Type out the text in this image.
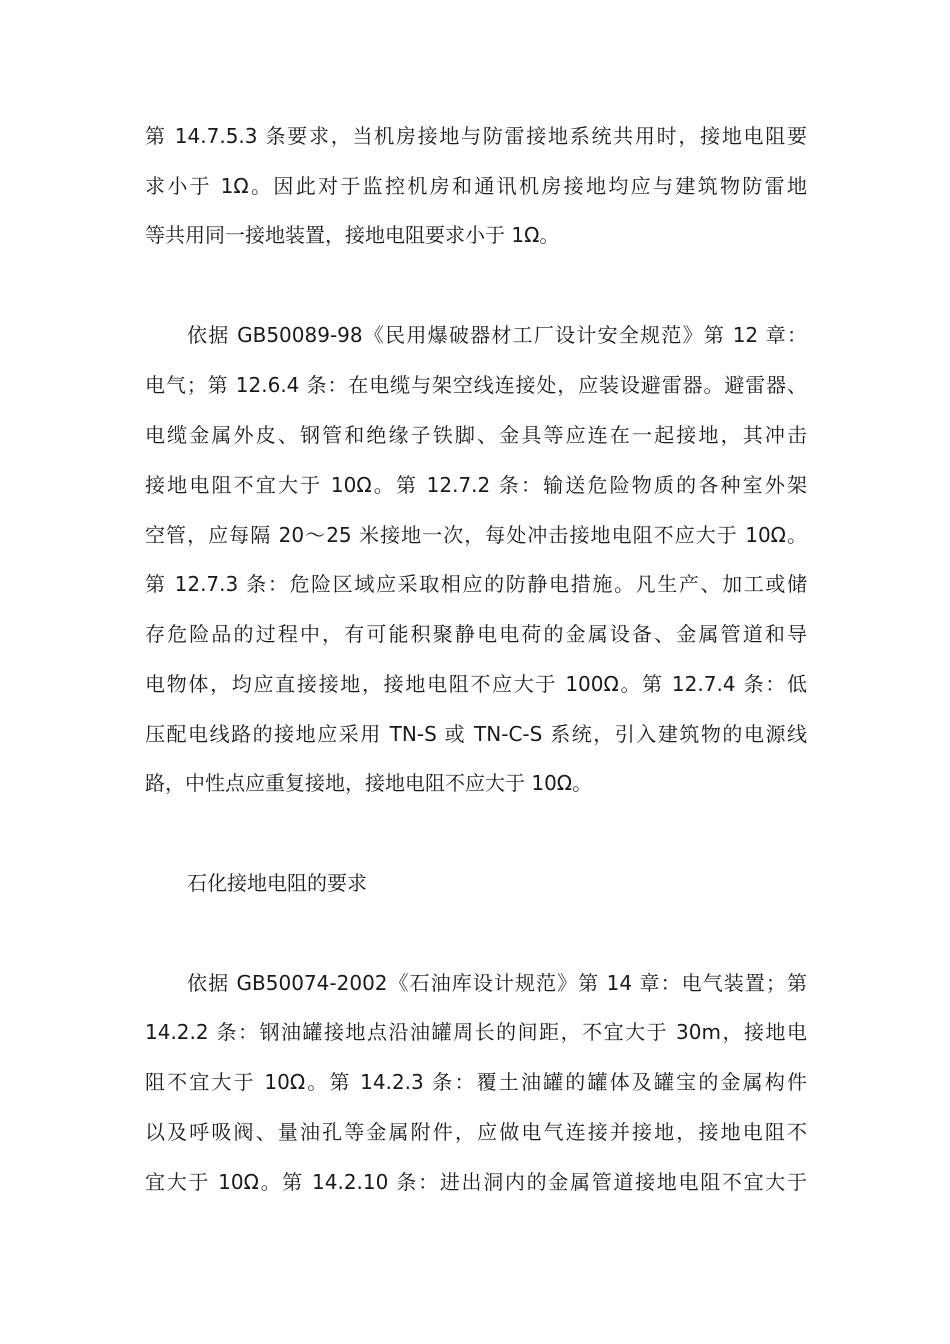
第 14.7.5.3 条要求，当机房接地与防雷接地系统共用时，接地电阻要
求小于 1Ω。因此对于监控机房和通讯机房接地均应与建筑物防雷地
等共用同一接地装置，接地电阻要求小于 1Ω。
依据 GB50089-98《民用爆破器材工厂设计安全规范》第 12 章：
电气；第 12.6.4 条：在电缆与架空线连接处，应装设避雷器。避雷器、
电缆金属外皮、钢管和绝缘子铁脚、金具等应连在一起接地，其冲击
接地电阻不宜大于 10Ω。第 12.7.2 条：输送危险物质的各种室外架
空管，应每隔 20～25 米接地一次，每处冲击接地电阻不应大于 10Ω。
第 12.7.3 条：危险区域应采取相应的防静电措施。凡生产、加工或储
存危险品的过程中，有可能积聚静电电荷的金属设备、金属管道和导
电物体，均应直接接地，接地电阻不应大于 100Ω。第 12.7.4 条：低
压配电线路的接地应采用 TN-S 或 TN-C-S 系统，引入建筑物的电源线
路，中性点应重复接地，接地电阻不应大于 10Ω。
石化接地电阻的要求
依据 GB50074-2002《石油库设计规范》第 14 章：电气装置；第
14.2.2 条：钢油罐接地点沿油罐周长的间距，不宜大于 30m，接地电
阻不宜大于 10Ω。第 14.2.3 条：覆土油罐的罐体及罐宝的金属构件
以及呼吸阀、量油孔等金属附件，应做电气连接并接地，接地电阻不
宜大于 10Ω。第 14.2.10 条：进出洞内的金属管道接地电阻不宜大于
